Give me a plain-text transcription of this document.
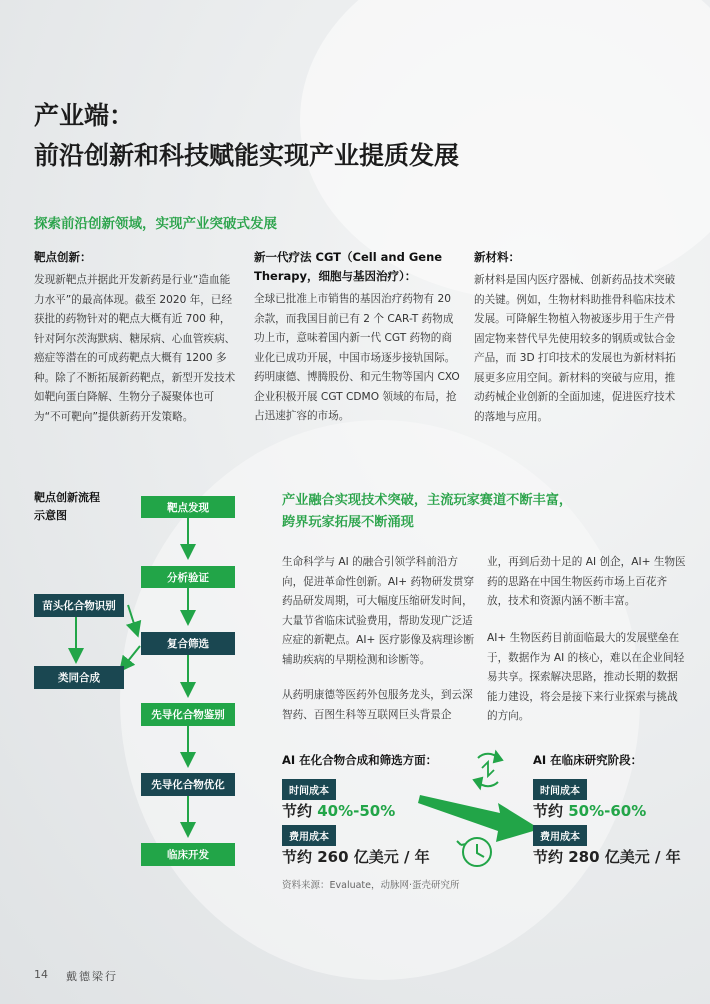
产业端：
前沿创新和科技赋能实现产业提质发展
探索前沿创新领域，实现产业突破式发展
靶点创新：
发现新靶点并据此开发新药是行业“造血能力水平”的最高体现。截至 2020 年，已经获批的药物针对的靶点大概有近 700 种，针对阿尔茨海默病、糖尿病、心血管疾病、癌症等潜在的可成药靶点大概有 1200 多种。除了不断拓展新药靶点，新型开发技术如靶向蛋白降解、生物分子凝聚体也可为“不可靶向”提供新药开发策略。
新一代疗法 CGT（Cell and Gene Therapy，细胞与基因治疗）：
全球已批准上市销售的基因治疗药物有 20 余款，而我国目前已有 2 个 CAR-T 药物成功上市，意味着国内新一代 CGT 药物的商业化已成功开展，中国市场逐步接轨国际。药明康德、博腾股份、和元生物等国内 CXO 企业积极开展 CGT CDMO 领域的布局，抢占迅速扩容的市场。
新材料：
新材料是国内医疗器械、创新药品技术突破的关键。例如，生物材料助推骨科临床技术发展。可降解生物植入物被逐步用于生产骨固定物来替代早先使用较多的钢质或钛合金产品，而 3D 打印技术的发展也为新材料拓展更多应用空间。新材料的突破与应用，推动药械企业创新的全面加速，促进医疗技术的落地与应用。
靶点创新流程
示意图
靶点发现
分析验证
复合筛选
先导化合物鉴别
先导化合物优化
临床开发
苗头化合物识别
类同合成
产业融合实现技术突破，主流玩家赛道不断丰富，
跨界玩家拓展不断涌现
生命科学与 AI 的融合引领学科前沿方向，促进革命性创新。AI+ 药物研发贯穿药品研发周期，可大幅度压缩研发时间，大量节省临床试验费用，帮助发现广泛适应症的新靶点。AI+ 医疗影像及病理诊断辅助疾病的早期检测和诊断等。
从药明康德等医药外包服务龙头，到云深智药、百图生科等互联网巨头背景企
业，再到后劲十足的 AI 创企，AI+ 生物医药的思路在中国生物医药市场上百花齐放，技术和资源内涵不断丰富。
AI+ 生物医药目前面临最大的发展壁垒在于，数据作为 AI 的核心，难以在企业间轻易共享。探索解决思路，推动长期的数据能力建设，将会是接下来行业探索与挑战的方向。
AI 在化合物合成和筛选方面：
时间成本
节约 40%-50%
费用成本
节约 260 亿美元 / 年
AI 在临床研究阶段：
时间成本
节约 50%-60%
费用成本
节约 280 亿美元 / 年
资料来源：Evaluate，动脉网·蛋壳研究所
14 戴德梁行
